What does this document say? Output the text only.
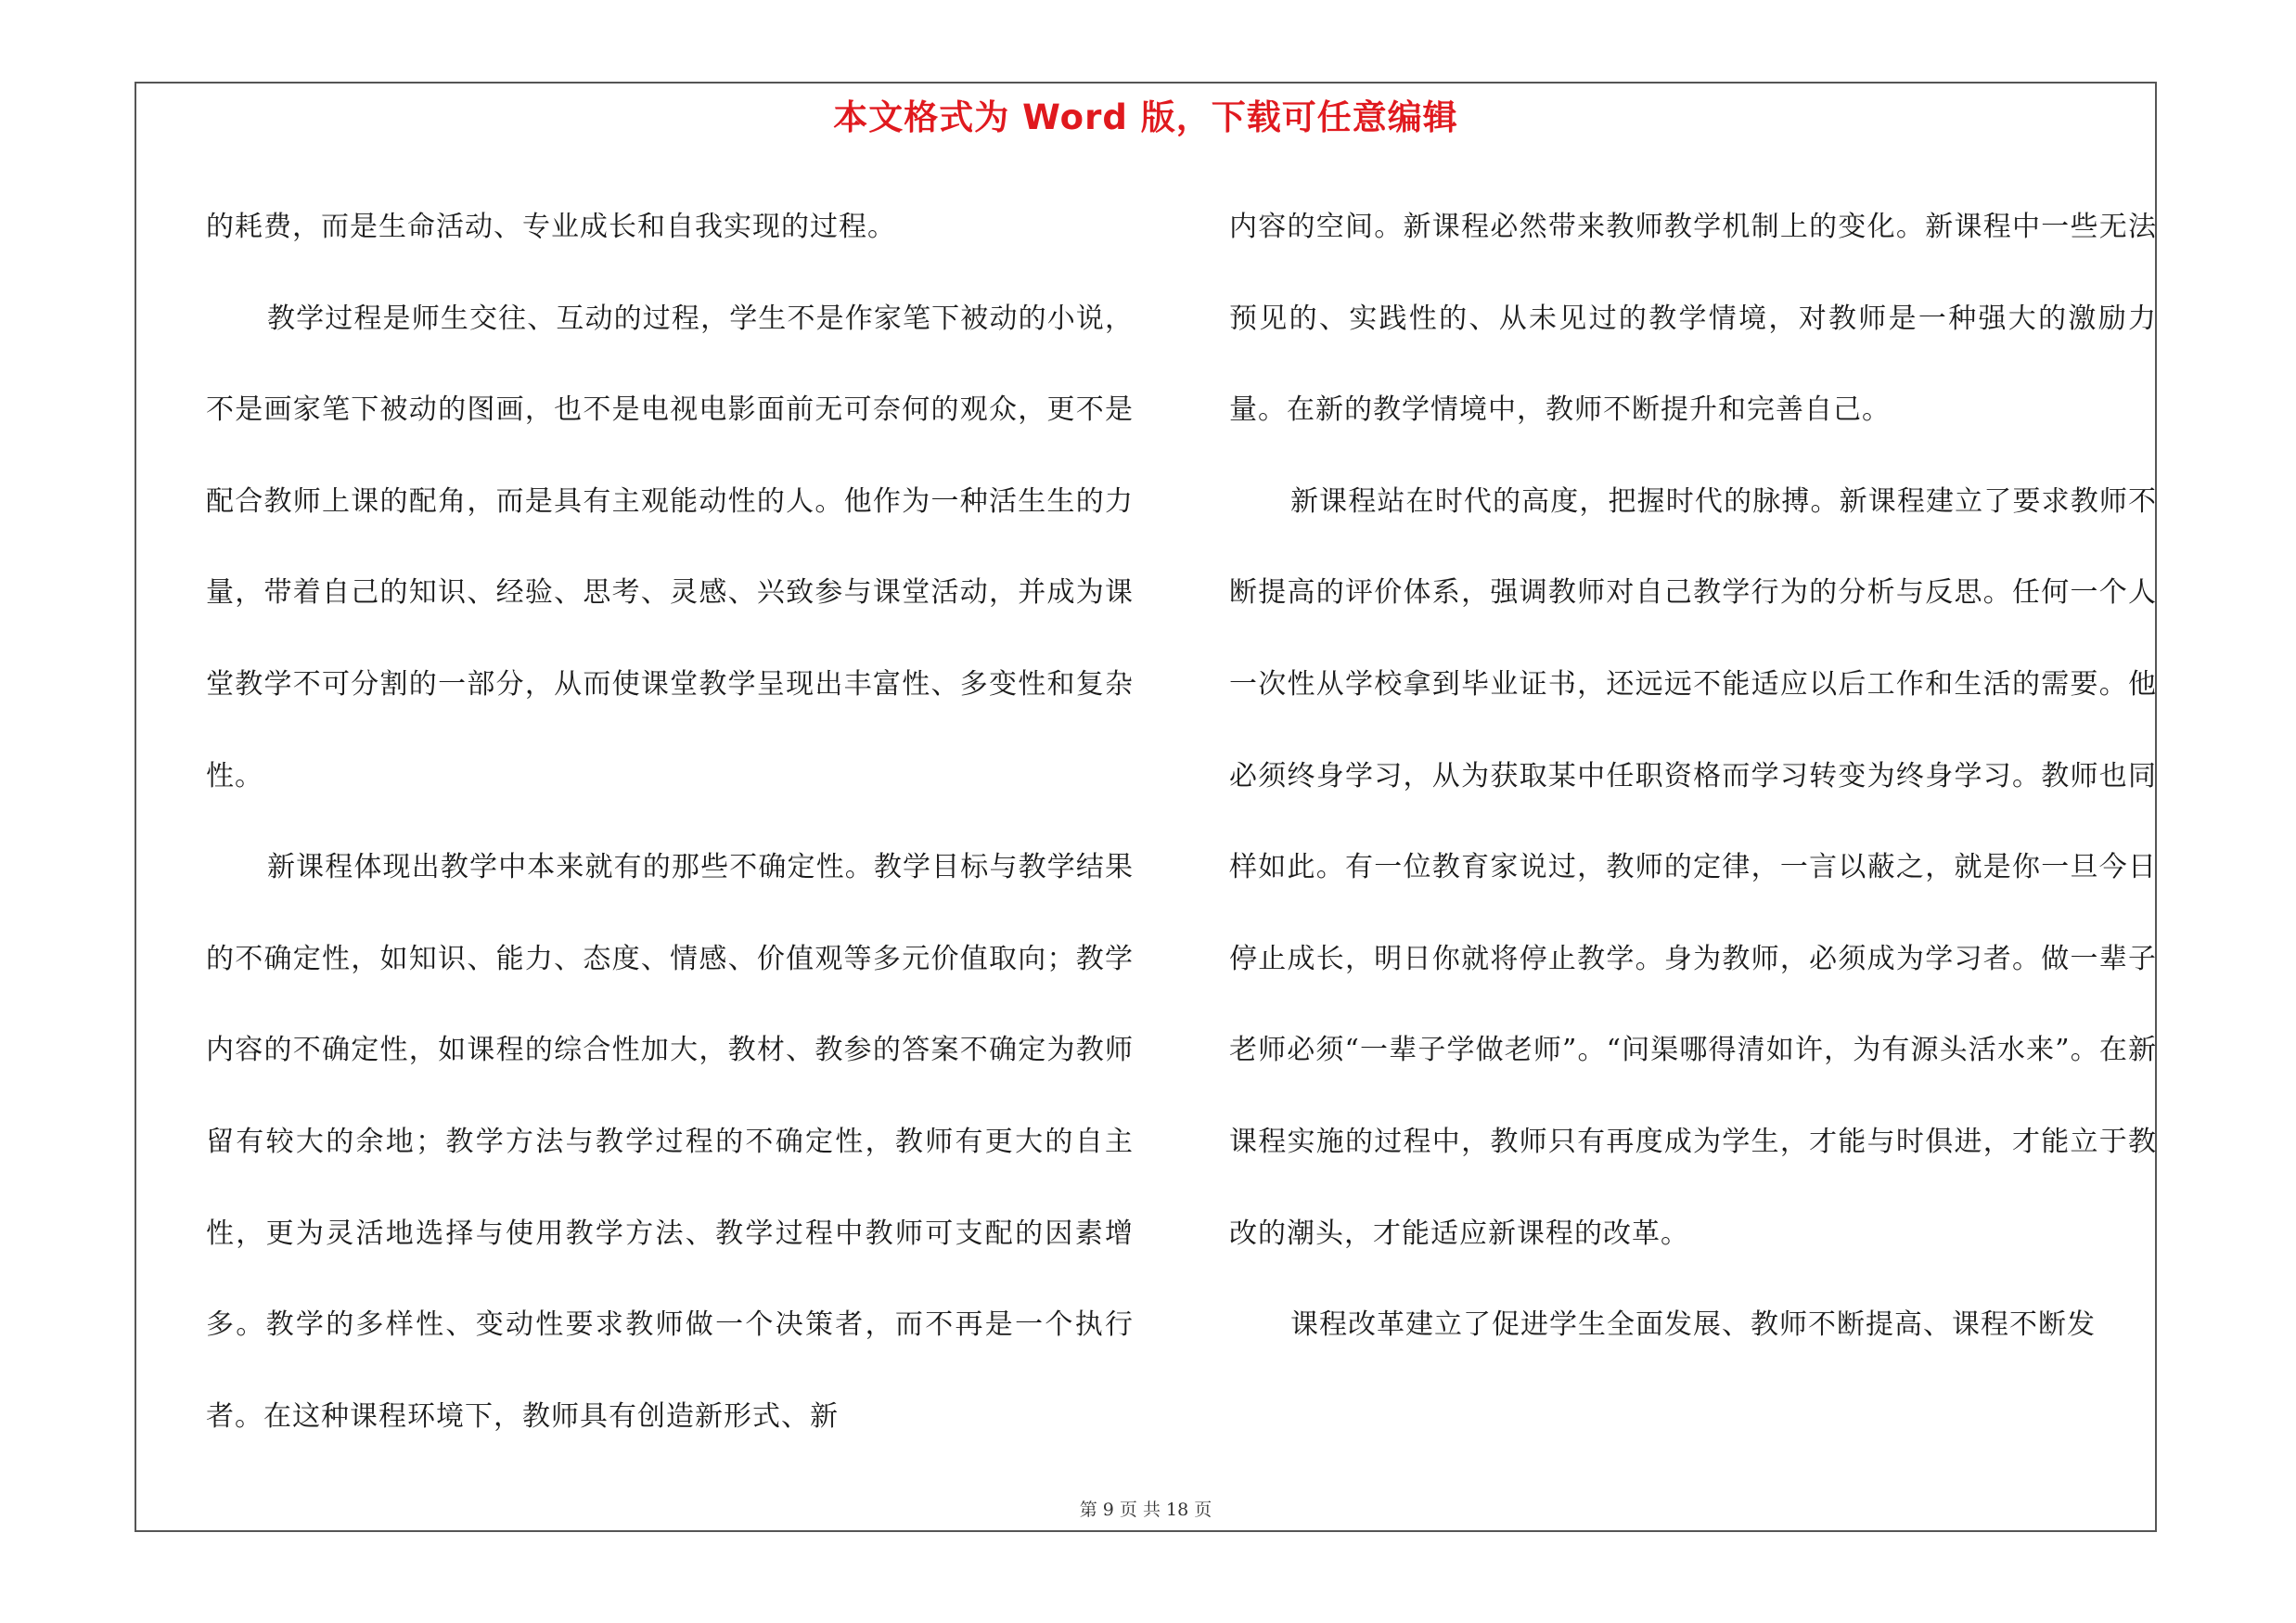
本文格式为 Word 版，下载可任意编辑

的耗费，而是生命活动、专业成长和自我实现的过程。

教学过程是师生交往、互动的过程，学生不是作家笔下被动的小说，不是画家笔下被动的图画，也不是电视电影面前无可奈何的观众，更不是配合教师上课的配角，而是具有主观能动性的人。他作为一种活生生的力量，带着自己的知识、经验、思考、灵感、兴致参与课堂活动，并成为课堂教学不可分割的一部分，从而使课堂教学呈现出丰富性、多变性和复杂性。

新课程体现出教学中本来就有的那些不确定性。教学目标与教学结果的不确定性，如知识、能力、态度、情感、价值观等多元价值取向；教学内容的不确定性，如课程的综合性加大，教材、教参的答案不确定为教师留有较大的余地；教学方法与教学过程的不确定性，教师有更大的自主性，更为灵活地选择与使用教学方法、教学过程中教师可支配的因素增多。教学的多样性、变动性要求教师做一个决策者，而不再是一个执行者。在这种课程环境下，教师具有创造新形式、新

内容的空间。新课程必然带来教师教学机制上的变化。新课程中一些无法预见的、实践性的、从未见过的教学情境，对教师是一种强大的激励力量。在新的教学情境中，教师不断提升和完善自己。

新课程站在时代的高度，把握时代的脉搏。新课程建立了要求教师不断提高的评价体系，强调教师对自己教学行为的分析与反思。任何一个人一次性从学校拿到毕业证书，还远远不能适应以后工作和生活的需要。他必须终身学习，从为获取某中任职资格而学习转变为终身学习。教师也同样如此。有一位教育家说过，教师的定律，一言以蔽之，就是你一旦今日停止成长，明日你就将停止教学。身为教师，必须成为学习者。做一辈子老师必须“一辈子学做老师”。“问渠哪得清如许，为有源头活水来”。在新课程实施的过程中，教师只有再度成为学生，才能与时俱进，才能立于教改的潮头，才能适应新课程的改革。

课程改革建立了促进学生全面发展、教师不断提高、课程不断发

第 9 页 共 18 页
